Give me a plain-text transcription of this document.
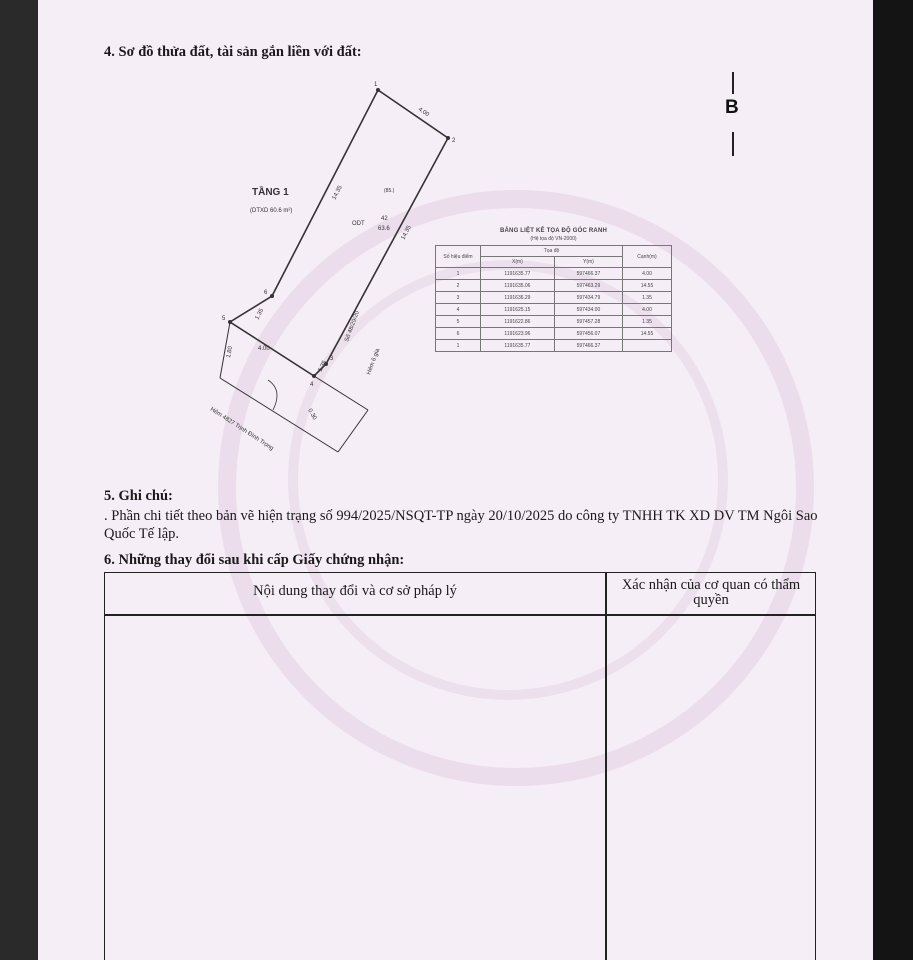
4. Sơ đồ thửa đất, tài sản gắn liền với đất:
B
TẦNG 1
(DTXD 60.6 m²)
ODT
42
63.6
(85.)
4.00
14.35
14.35
4.00
1.35
1.35
1.80
0.30
Hẻm 4827 Trịnh Đình Trọng
Hẻm 6 gia
Số 48/29/20
1
2
3
4
5
6
BẢNG LIỆT KÊ TỌA ĐỘ GÓC RANH
(Hệ tọa độ VN-2000)
Số hiệu điểm	Tọa độ		Cạnh(m)
	X(m)	Y(m)	
1	1191635.77	597466.37	4.00
2	1191635.06	597463.29	14.55
3	1191636.29	597434.79	1.35
4	1191625.15	597434.00	4.00
5	1191622.86	597457.28	1.35
6	1191623.96	597456.07	14.55
1	1191635.77	597466.37	
5. Ghi chú:
. Phần chi tiết theo bản vẽ hiện trạng số 994/2025/NSQT-TP ngày 20/10/2025 do công ty TNHH TK XD DV TM Ngôi Sao Quốc Tế lập.
6. Những thay đổi sau khi cấp Giấy chứng nhận:
Nội dung thay đổi và cơ sở pháp lý	Xác nhận của cơ quan có thẩm quyền
